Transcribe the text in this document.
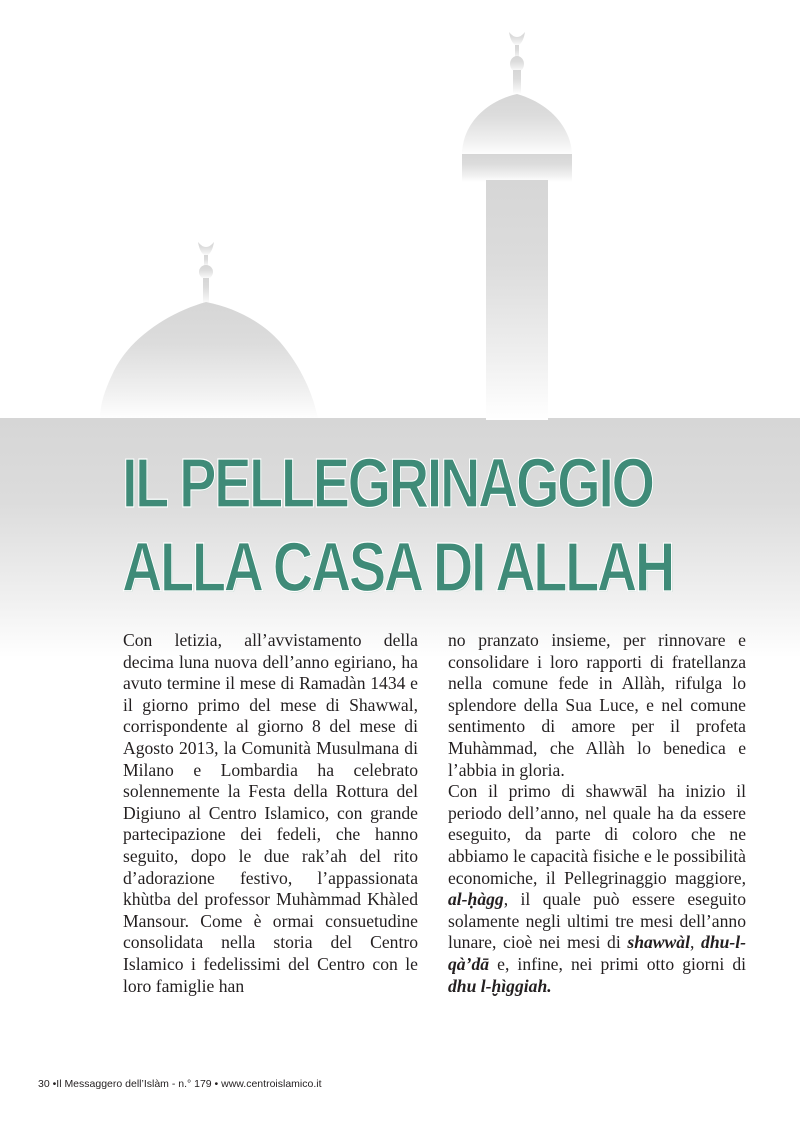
IL PELLEGRINAGGIO
ALLA CASA DI ALLAH

Con letizia, all’avvistamento della decima luna nuova dell’anno egiriano, ha avuto termine il mese di Ramadàn 1434 e il giorno primo del mese di Shawwal, corrispondente al giorno 8 del mese di Agosto 2013, la Comunità Musulmana di Milano e Lombardia ha celebrato solennemente la Festa della Rottura del Digiuno al Centro Islamico, con grande partecipazione dei fedeli, che hanno seguito, dopo le due rak’ah del rito d’adorazione festivo, l’appassionata khùtba del professor Muhàmmad Khàled Mansour. Come è ormai consuetudine consolidata nella storia del Centro Islamico i fedelissimi del Centro con le loro famiglie han

no pranzato insieme, per rinnovare e consolidare i loro rapporti di fratellanza nella comune fede in Allàh, rifulga lo splendore della Sua Luce, e nel comune sentimento di amore per il profeta Muhàmmad, che Allàh lo benedica e l’abbia in gloria.

Con il primo di shawwāl ha inizio il periodo dell’anno, nel quale ha da essere eseguito, da parte di coloro che ne abbiamo le capacità fisiche e le possibilità economiche, il Pellegrinaggio maggiore, al-ḥàgg, il quale può essere eseguito solamente negli ultimi tre mesi dell’anno lunare, cioè nei mesi di shawwàl, dhu-l-qà’dā e, infine, nei primi otto giorni di dhu l-ḫìggiah.

30 •Il Messaggero dell’Islàm - n.° 179 • www.centroislamico.it
